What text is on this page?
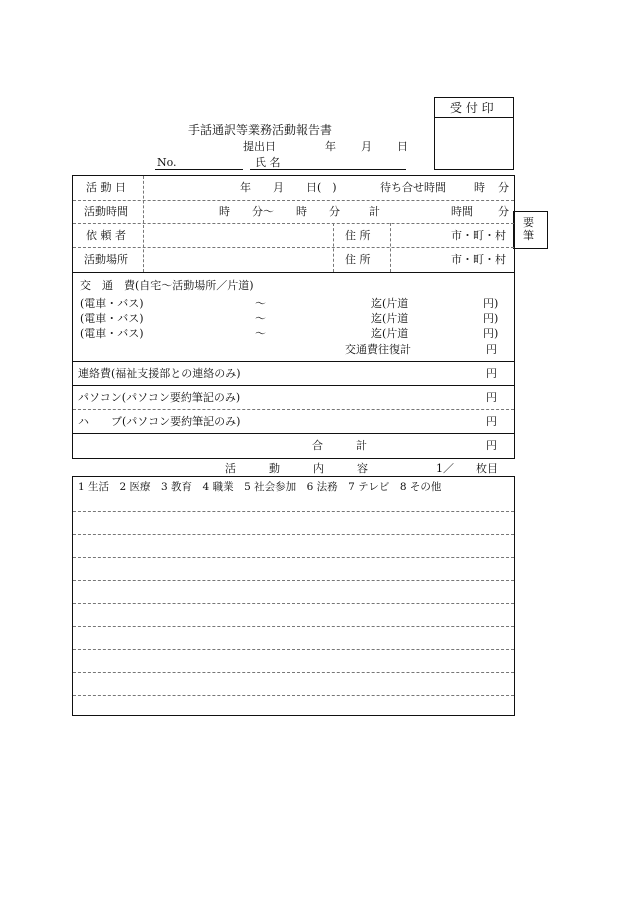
受 付 印
手話通訳等業務活動報告書
提出日	年 月 日
No.	氏 名
要
筆
活 動 日	年　　月　　日(　)	待ち合せ時間	時 分
活動時間	時　　分～　　時　　分	計	時間 分
依 頼 者	住 所	市・町・村
活動場所	住 所	市・町・村
交　通　費(自宅～活動場所／片道)
(電車・バス)	～	迄(片道	円)
(電車・バス)	～	迄(片道	円)
(電車・バス)	～	迄(片道	円)
交通費往復計	円
連絡費(福祉支援部との連絡のみ)	円
パソコン(パソコン要約筆記のみ)	円
ハ　　ブ(パソコン要約筆記のみ)	円
合　　　計	円
活　　　動　　　内　　　容	1／ 枚目
1 生活　2 医療　3 教育　4 職業　5 社会参加　6 法務　7 テレビ　8 その他
